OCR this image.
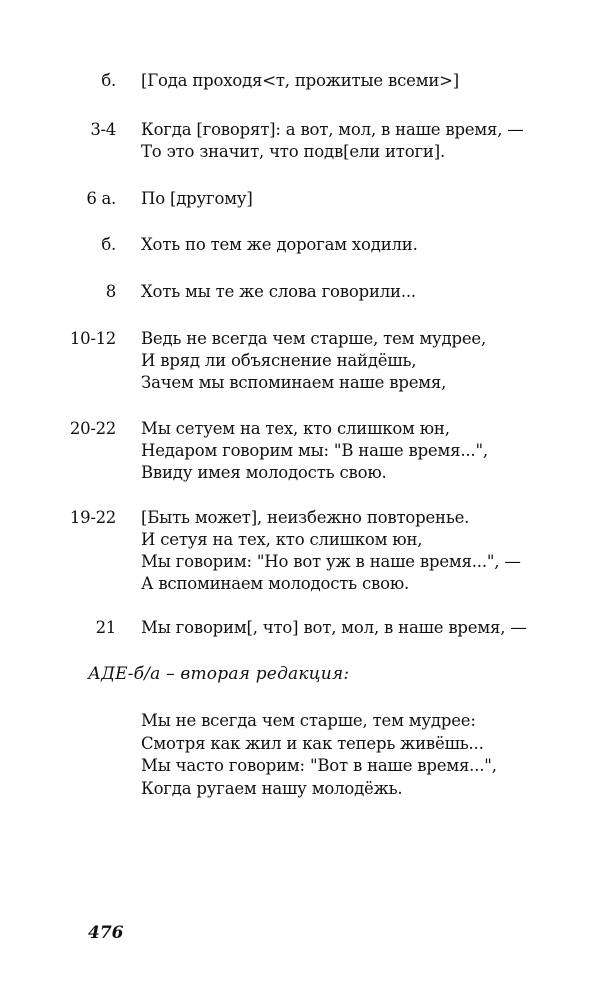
б. [Года проходя<т, прожитые всеми>]
3-4 Когда [говорят]: а вот, мол, в наше время, —
То это значит, что подв[ели итоги].
6 а. По [другому]
б. Хоть по тем же дорогам ходили.
8 Хоть мы те же слова говорили...
10-12 Ведь не всегда чем старше, тем мудрее,
И вряд ли объяснение найдёшь,
Зачем мы вспоминаем наше время,
20-22 Мы сетуем на тех, кто слишком юн,
Недаром говорим мы: "В наше время...",
Ввиду имея молодость свою.
19-22 [Быть может], неизбежно повторенье.
И сетуя на тех, кто слишком юн,
Мы говорим: "Но вот уж в наше время...", —
А вспоминаем молодость свою.
21 Мы говорим[, что] вот, мол, в наше время, —
АДЕ-б/а – вторая редакция:
Мы не всегда чем старше, тем мудрее:
Смотря как жил и как теперь живёшь...
Мы часто говорим: "Вот в наше время...",
Когда ругаем нашу молодёжь.
476
